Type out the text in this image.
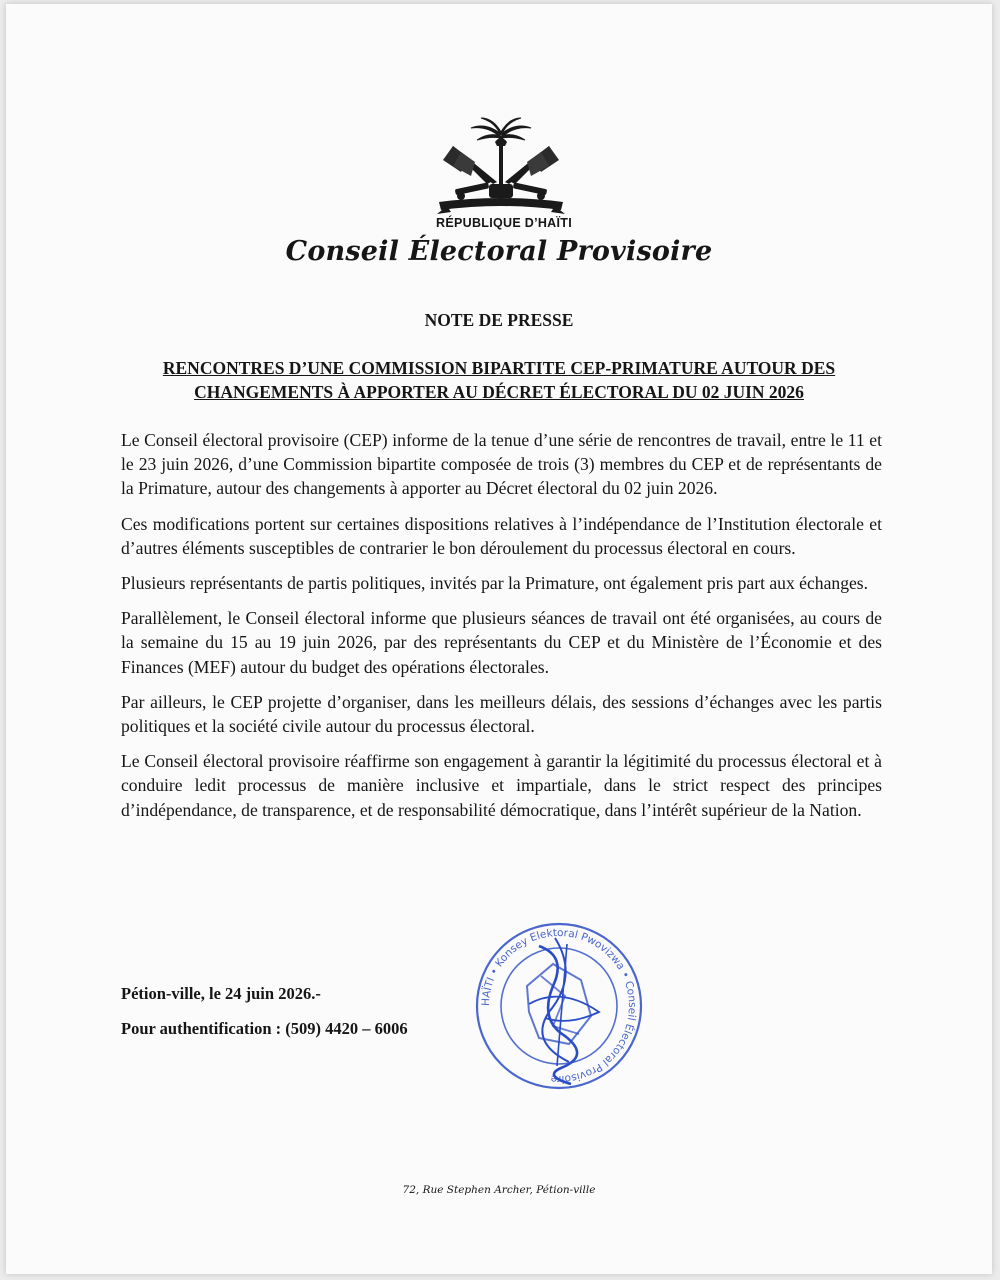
RÉPUBLIQUE D’HAÏTI
Conseil Électoral Provisoire
NOTE DE PRESSE
RENCONTRES D’UNE COMMISSION BIPARTITE CEP-PRIMATURE AUTOUR DES CHANGEMENTS À APPORTER AU DÉCRET ÉLECTORAL DU 02 JUIN 2026

Le Conseil électoral provisoire (CEP) informe de la tenue d’une série de rencontres de travail, entre le 11 et le 23 juin 2026, d’une Commission bipartite composée de trois (3) membres du CEP et de représentants de la Primature, autour des changements à apporter au Décret électoral du 02 juin 2026.

Ces modifications portent sur certaines dispositions relatives à l’indépendance de l’Institution électorale et d’autres éléments susceptibles de contrarier le bon déroulement du processus électoral en cours.

Plusieurs représentants de partis politiques, invités par la Primature, ont également pris part aux échanges.

Parallèlement, le Conseil électoral informe que plusieurs séances de travail ont été organisées, au cours de la semaine du 15 au 19 juin 2026, par des représentants du CEP et du Ministère de l’Économie et des Finances (MEF) autour du budget des opérations électorales.

Par ailleurs, le CEP projette d’organiser, dans les meilleurs délais, des sessions d’échanges avec les partis politiques et la société civile autour du processus électoral.

Le Conseil électoral provisoire réaffirme son engagement à garantir la légitimité du processus électoral et à conduire ledit processus de manière inclusive et impartiale, dans le strict respect des principes d’indépendance, de transparence, et de responsabilité démocratique, dans l’intérêt supérieur de la Nation.

Pétion-ville, le 24 juin 2026.-
Pour authentification : (509) 4420 – 6006
HAÏTI • Konsey Elektoral Pwovizwa • Conseil Électoral Provisoire
72, Rue Stephen Archer, Pétion-ville
